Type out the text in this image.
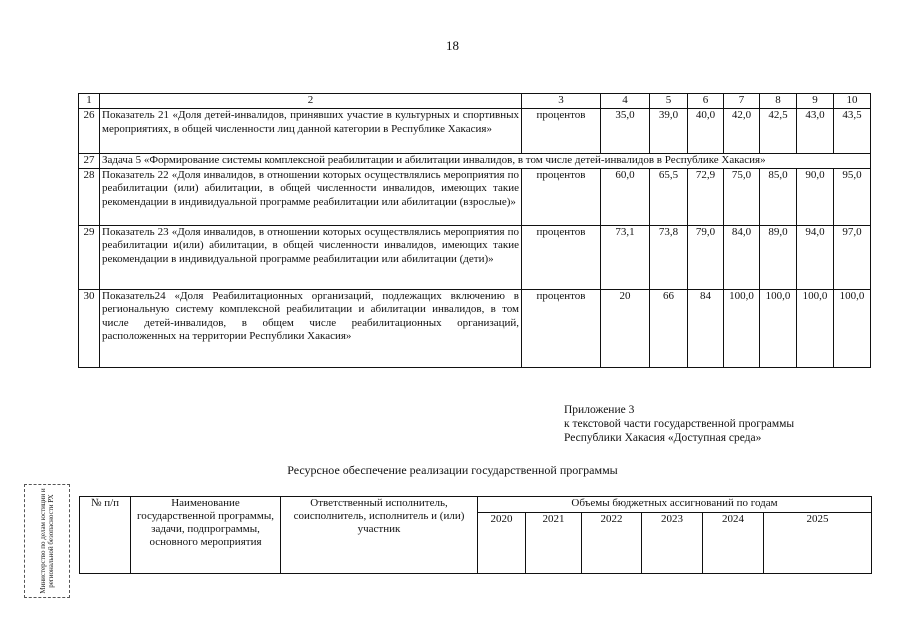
18
1	2	3	4	5	6	7	8	9	10
26	Показатель 21 «Доля детей-инвалидов, принявших участие в культурных и спортивных мероприятиях, в общей численности лиц данной категории в Республике Хакасия»	процентов	35,0	39,0	40,0	42,0	42,5	43,0	43,5
27	Задача 5 «Формирование системы комплексной реабилитации и абилитации инвалидов, в том числе детей-инвалидов в Республике Хакасия»								
28	Показатель 22 «Доля инвалидов, в отношении которых осуществлялись мероприятия по реабилитации (или) абилитации, в общей численности инвалидов, имеющих такие рекомендации в индивидуальной программе реабилитации или абилитации (взрослые)»	процентов	60,0	65,5	72,9	75,0	85,0	90,0	95,0
29	Показатель 23 «Доля инвалидов, в отношении которых осуществлялись мероприятия по реабилитации и(или) абилитации, в общей численности инвалидов, имеющих такие рекомендации в индивидуальной программе реабилитации или абилитации (дети)»	процентов	73,1	73,8	79,0	84,0	89,0	94,0	97,0
30	Показатель24 «Доля Реабилитационных организаций, подлежащих включению в региональную систему комплексной реабилитации и абилитации инвалидов, в том числе детей-инвалидов, в общем числе реабилитационных организаций, расположенных на территории Республики Хакасия»	процентов	20	66	84	100,0	100,0	100,0	100,0
Приложение 3
к текстовой части государственной программы
Республики Хакасия «Доступная среда»
Ресурсное обеспечение реализации государственной программы
№ п/п	Наименование государственной программы, задачи, подпрограммы, основного мероприятия	Ответственный исполнитель, соисполнитель, исполнитель и (или) участник	Объемы бюджетных ассигнований по годам					
			2020	2021	2022	2023	2024	2025
Министерство по делам юстиции и региональной безопасности РХ
